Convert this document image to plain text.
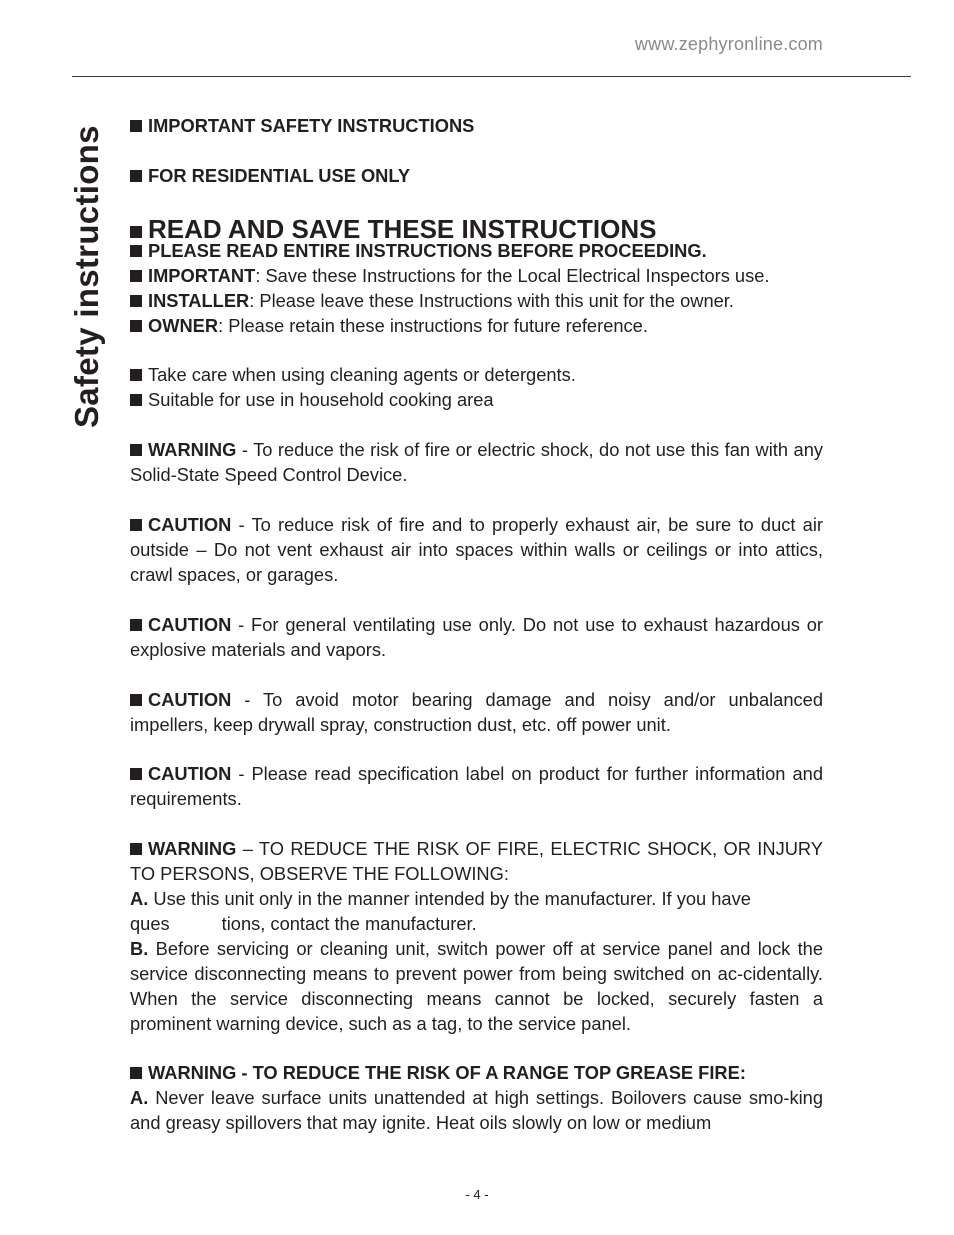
www.zephyronline.com
Safety instructions	IMPORTANT SAFETY INSTRUCTIONS
FOR RESIDENTIAL USE ONLY
READ AND SAVE THESE INSTRUCTIONS
PLEASE READ ENTIRE INSTRUCTIONS BEFORE PROCEEDING.
IMPORTANT: Save these Instructions for the Local Electrical Inspectors use.
INSTALLER: Please leave these Instructions with this unit for the owner.
OWNER: Please retain these instructions for future reference.
Take care when using cleaning agents or detergents.
Suitable for use in household cooking area
WARNING - To reduce the risk of fire or electric shock, do not use this fan with any Solid-State Speed Control Device.
CAUTION - To reduce risk of fire and to properly exhaust air, be sure to duct air outside – Do not vent exhaust air into spaces within walls or ceilings or into attics, crawl spaces, or garages.
CAUTION - For general ventilating use only. Do not use to exhaust hazardous or explosive materials and vapors.
CAUTION - To avoid motor bearing damage and noisy and/or unbalanced impellers, keep drywall spray, construction dust, etc. off power unit.
CAUTION - Please read specification label on product for further information and requirements.
WARNING – TO REDUCE THE RISK OF FIRE, ELECTRIC SHOCK, OR INJURY TO PERSONS, OBSERVE THE FOLLOWING:
A. Use this unit only in the manner intended by the manufacturer. If you have
ques	tions, contact the manufacturer.
B. Before servicing or cleaning unit, switch power off at service panel and lock the service disconnecting means to prevent power from being switched on ac-cidentally. When the service disconnecting means cannot be locked, securely fasten a prominent warning device, such as a tag, to the service panel.
WARNING - TO REDUCE THE RISK OF A RANGE TOP GREASE FIRE:
A. Never leave surface units unattended at high settings. Boilovers cause smo-king and greasy spillovers that may ignite. Heat oils slowly on low or medium
- 4 -
